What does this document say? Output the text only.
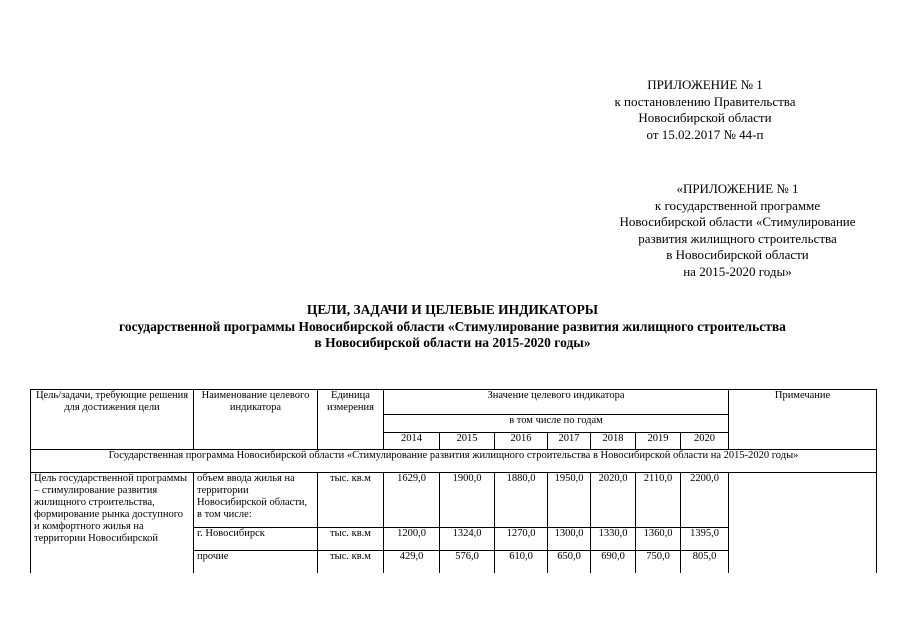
ПРИЛОЖЕНИЕ № 1
к постановлению Правительства
Новосибирской области
от 15.02.2017 № 44-п
«ПРИЛОЖЕНИЕ № 1
к государственной программе
Новосибирской области «Стимулирование
развития жилищного строительства
в Новосибирской области
на 2015-2020 годы»
ЦЕЛИ, ЗАДАЧИ И ЦЕЛЕВЫЕ ИНДИКАТОРЫ
государственной программы Новосибирской области «Стимулирование развития жилищного строительства
в Новосибирской области на 2015-2020 годы»
Цель/задачи, требующие решения для достижения цели	Наименование целевого индикатора	Единица измерения	Значение целевого индикатора							Примечание
			в том числе по годам							
			2014	2015	2016	2017	2018	2019	2020	
Государственная программа Новосибирской области «Стимулирование развития жилищного строительства в Новосибирской области на 2015-2020 годы»										
Цель государственной программы – стимулирование развития жилищного строительства, формирование рынка доступного и комфортного жилья на территории Новосибирской	объем ввода жилья на территории Новосибирской области, в том числе:	тыс. кв.м	1629,0	1900,0	1880,0	1950,0	2020,0	2110,0	2200,0	
	г. Новосибирск	тыс. кв.м	1200,0	1324,0	1270,0	1300,0	1330,0	1360,0	1395,0	
	прочие	тыс. кв.м	429,0	576,0	610,0	650,0	690,0	750,0	805,0	
